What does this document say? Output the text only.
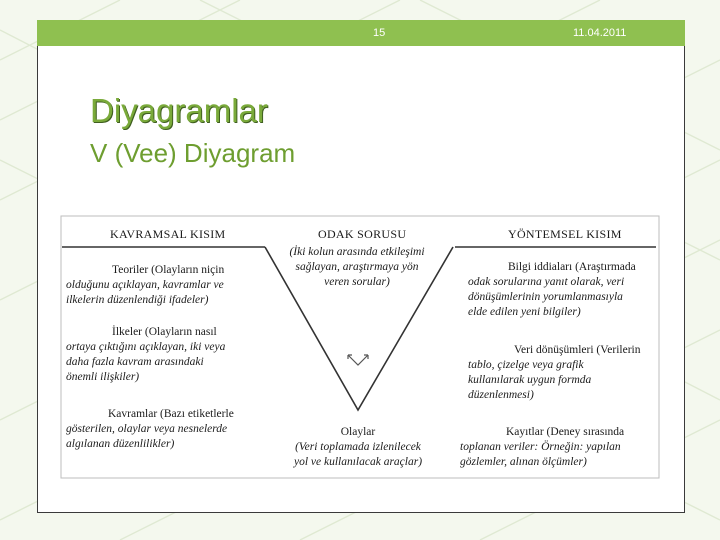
15	11.04.2011
Diyagramlar
V (Vee) Diyagram
KAVRAMSAL KISIM	ODAK SORUSU	YÖNTEMSEL KISIM
(İki kolun arasında etkileşimi
sağlayan, araştırmaya yön
veren sorular)
Teoriler (Olayların niçin
olduğunu açıklayan, kavramlar ve
ilkelerin düzenlendiği ifadeler)
İlkeler (Olayların nasıl
ortaya çıktığını açıklayan, iki veya
daha fazla kavram arasındaki
önemli ilişkiler)
Kavramlar (Bazı etiketlerle
gösterilen, olaylar veya nesnelerde
algılanan düzenlilikler)
Bilgi iddiaları (Araştırmada
odak sorularına yanıt olarak, veri
dönüşümlerinin yorumlanmasıyla
elde edilen yeni bilgiler)
Veri dönüşümleri (Verilerin
tablo, çizelge veya grafik
kullanılarak uygun formda
düzenlenmesi)
Kayıtlar (Deney sırasında
toplanan veriler: Örneğin: yapılan
gözlemler, alınan ölçümler)
Olaylar
(Veri toplamada izlenilecek
yol ve kullanılacak araçlar)
